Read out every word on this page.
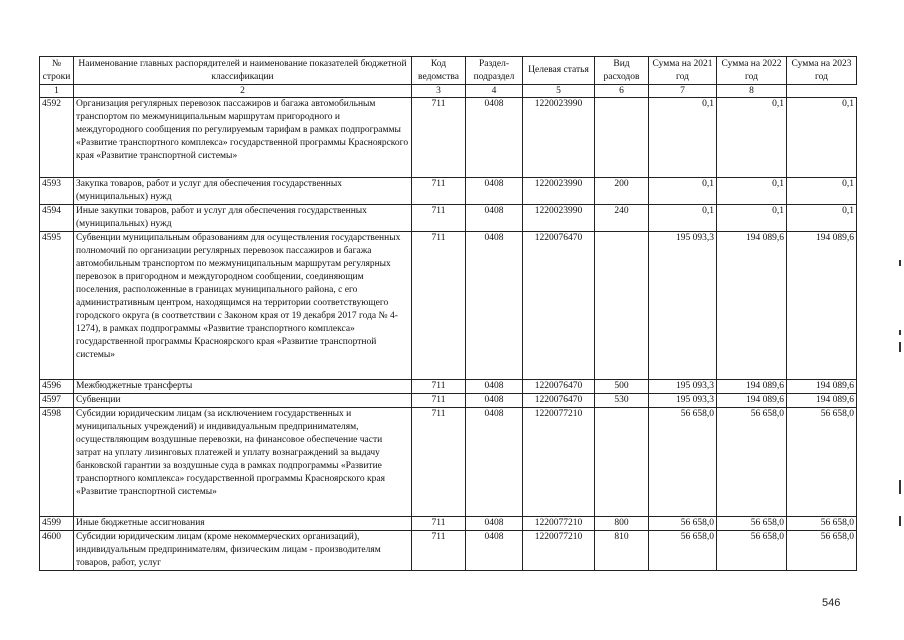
№ строки	Наименование главных распорядителей и наименование показателей бюджетной классификации	Код ведомства	Раздел-подраздел	Целевая статья	Вид расходов	Сумма на 2021 год	Сумма на 2022 год	Сумма на 2023 год
1	2	3	4	5	6	7	8	
4592	Организация регулярных перевозок пассажиров и багажа автомобильным транспортом по межмуниципальным маршрутам пригородного и междугородного сообщения по регулируемым тарифам в рамках подпрограммы «Развитие транспортного комплекса» государственной программы Красноярского края «Развитие транспортной системы»	711	0408	1220023990		0,1	0,1	0,1
4593	Закупка товаров, работ и услуг для обеспечения государственных (муниципальных) нужд	711	0408	1220023990	200	0,1	0,1	0,1
4594	Иные закупки товаров, работ и услуг для обеспечения государственных (муниципальных) нужд	711	0408	1220023990	240	0,1	0,1	0,1
4595	Субвенции муниципальным образованиям для осуществления государственных полномочий по организации регулярных перевозок пассажиров и багажа автомобильным транспортом по межмуниципальным маршрутам регулярных перевозок в пригородном и междугородном сообщении, соединяющим поселения, расположенные в границах муниципального района, с его административным центром, находящимся на территории соответствующего городского округа (в соответствии с Законом края от 19 декабря 2017 года № 4-1274), в рамках подпрограммы «Развитие транспортного комплекса» государственной программы Красноярского края «Развитие транспортной системы»	711	0408	1220076470		195 093,3	194 089,6	194 089,6
4596	Межбюджетные трансферты	711	0408	1220076470	500	195 093,3	194 089,6	194 089,6
4597	Субвенции	711	0408	1220076470	530	195 093,3	194 089,6	194 089,6
4598	Субсидии юридическим лицам (за исключением государственных и муниципальных учреждений) и индивидуальным предпринимателям, осуществляющим воздушные перевозки, на финансовое обеспечение части затрат на уплату лизинговых платежей и уплату вознаграждений за выдачу банковской гарантии за воздушные суда в рамках подпрограммы «Развитие транспортного комплекса» государственной программы Красноярского края «Развитие транспортной системы»	711	0408	1220077210		56 658,0	56 658,0	56 658,0
4599	Иные бюджетные ассигнования	711	0408	1220077210	800	56 658,0	56 658,0	56 658,0
4600	Субсидии юридическим лицам (кроме некоммерческих организаций), индивидуальным предпринимателям, физическим лицам - производителям товаров, работ, услуг	711	0408	1220077210	810	56 658,0	56 658,0	56 658,0
546
